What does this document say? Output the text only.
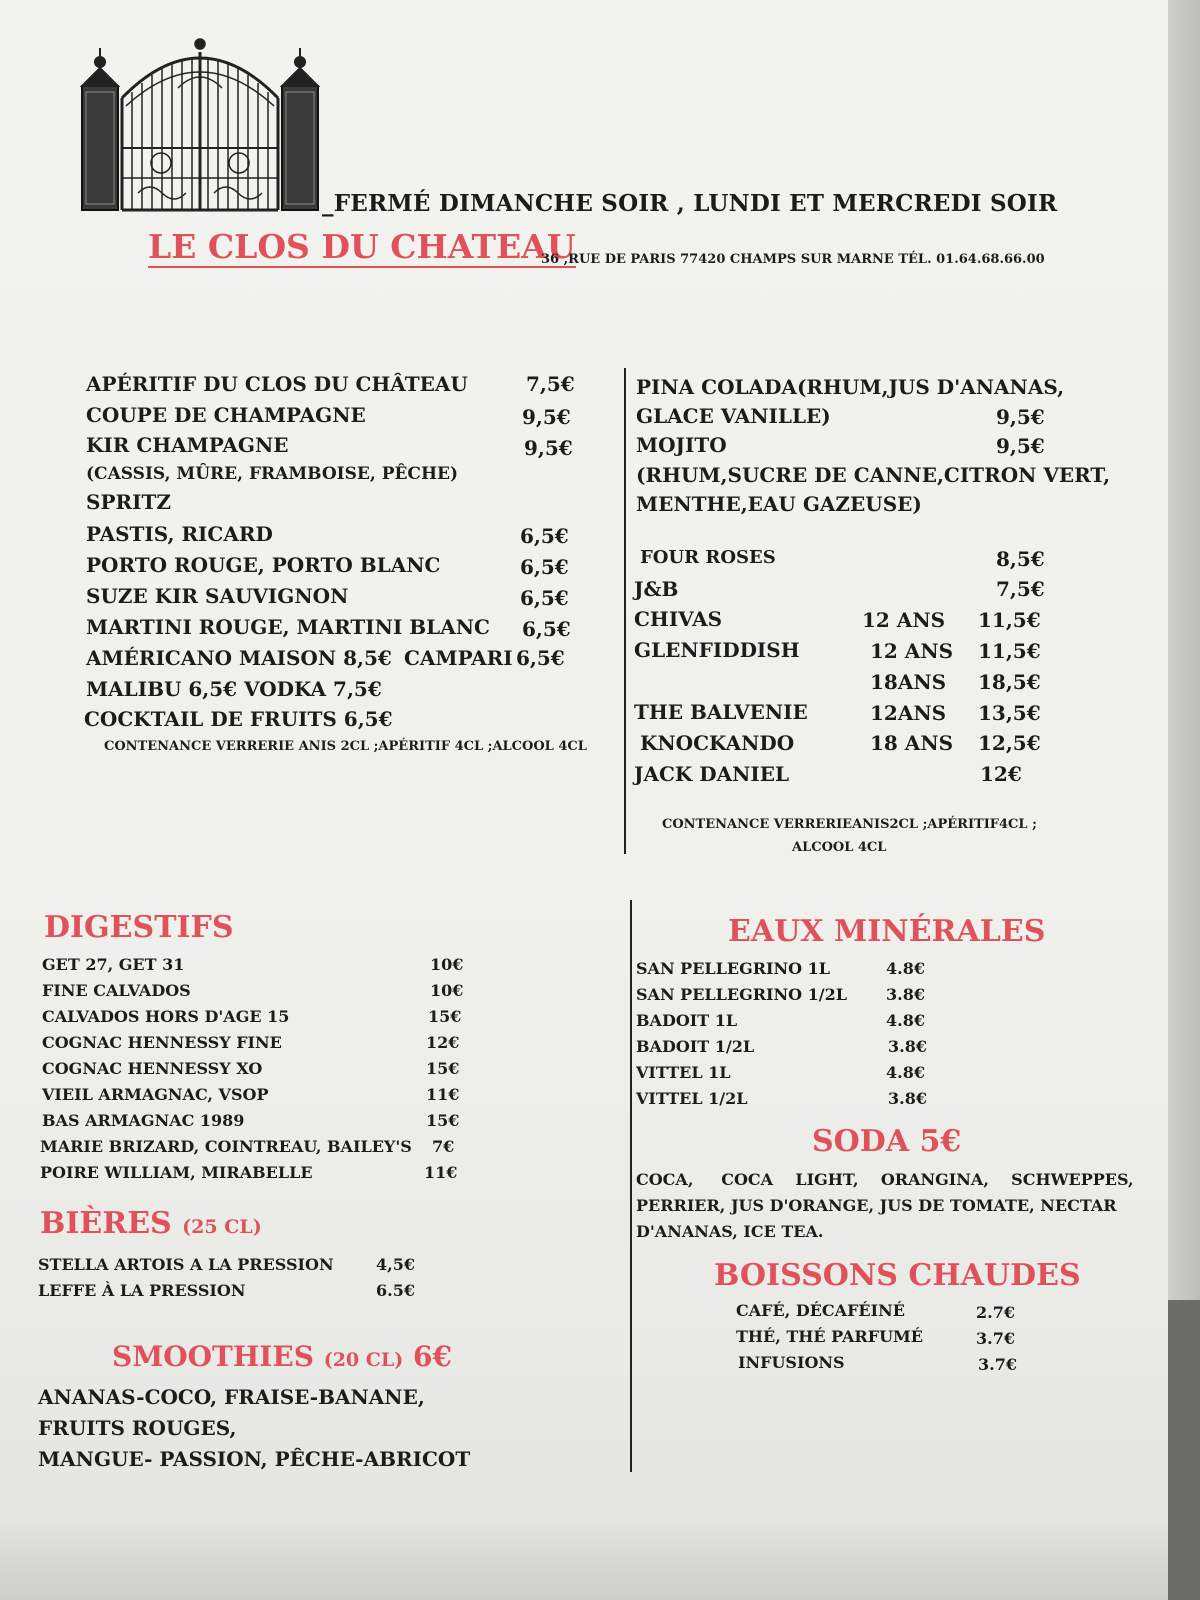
_FERMÉ DIMANCHE SOIR , LUNDI ET MERCREDI SOIR
LE CLOS DU CHATEAU
36 ,RUE DE PARIS 77420 CHAMPS SUR MARNE TÉL. 01.64.68.66.00
APÉRITIF DU CLOS DU CHÂTEAU	7,5€
COUPE DE CHAMPAGNE	9,5€
KIR CHAMPAGNE	9,5€
(CASSIS, MÛRE, FRAMBOISE, PÊCHE)
SPRITZ
PASTIS, RICARD	6,5€
PORTO ROUGE, PORTO BLANC	6,5€
SUZE KIR SAUVIGNON	6,5€
MARTINI ROUGE, MARTINI BLANC 6,5€
AMÉRICANO MAISON 8,5€ CAMPARI 6,5€
MALIBU 6,5€ VODKA 7,5€
COCKTAIL DE FRUITS 6,5€
CONTENANCE VERRERIE ANIS 2CL ;APÉRITIF 4CL ;ALCOOL 4CL
PINA COLADA(RHUM,JUS D'ANANAS,
GLACE VANILLE)	9,5€
MOJITO	9,5€
(RHUM,SUCRE DE CANNE,CITRON VERT,
MENTHE,EAU GAZEUSE)
FOUR ROSES	8,5€
J&B	7,5€
CHIVAS	12 ANS 11,5€
GLENFIDDISH	12 ANS 11,5€
18ANS 18,5€
THE BALVENIE	12ANS 13,5€
KNOCKANDO	18 ANS 12,5€
JACK DANIEL	12€
CONTENANCE VERRERIEANIS2CL ;APÉRITIF4CL ;
ALCOOL 4CL
DIGESTIFS
GET 27, GET 31	10€
FINE CALVADOS	10€
CALVADOS HORS D'AGE 15	15€
COGNAC HENNESSY FINE	12€
COGNAC HENNESSY XO	15€
VIEIL ARMAGNAC, VSOP	11€
BAS ARMAGNAC 1989	15€
MARIE BRIZARD, COINTREAU, BAILEY'S 7€
POIRE WILLIAM, MIRABELLE	11€
BIÈRES (25 CL)
STELLA ARTOIS A LA PRESSION	4,5€
LEFFE À LA PRESSION	6.5€
SMOOTHIES (20 CL) 6€
ANANAS-COCO, FRAISE-BANANE,
FRUITS ROUGES,
MANGUE- PASSION, PÊCHE-ABRICOT
EAUX MINÉRALES
SAN PELLEGRINO 1L	4.8€
SAN PELLEGRINO 1/2L 3.8€
BADOIT 1L	4.8€
BADOIT 1/2L	3.8€
VITTEL 1L	4.8€
VITTEL 1/2L	3.8€
SODA 5€
COCA,     COCA    LIGHT,    ORANGINA,    SCHWEPPES,
PERRIER, JUS D'ORANGE, JUS DE TOMATE, NECTAR
D'ANANAS, ICE TEA.
BOISSONS CHAUDES
CAFÉ, DÉCAFÉINÉ	2.7€
THÉ, THÉ PARFUMÉ	3.7€
INFUSIONS	3.7€
